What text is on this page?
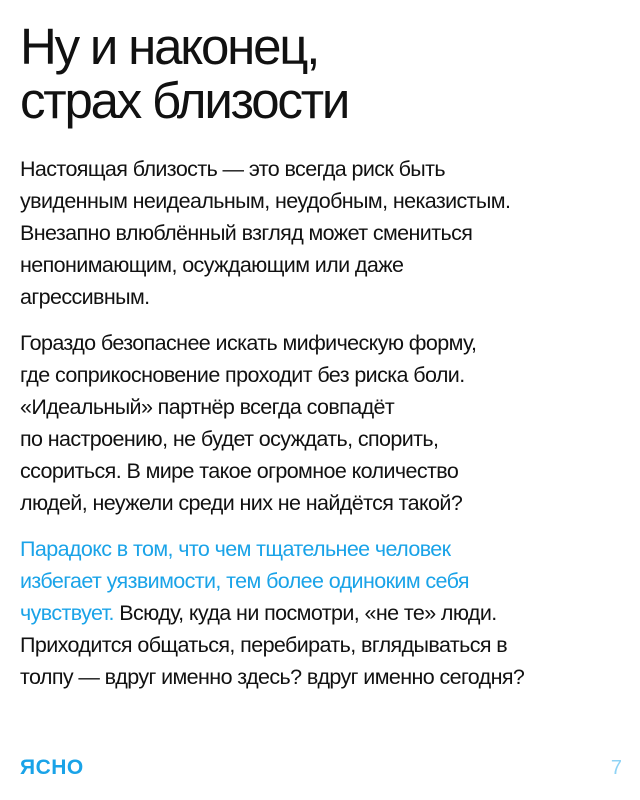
Ну и наконец,
страх близости

Настоящая близость — это всегда риск быть
увиденным неидеальным, неудобным, неказистым.
Внезапно влюблённый взгляд может смениться
непонимающим, осуждающим или даже
агрессивным.

Гораздо безопаснее искать мифическую форму,
где соприкосновение проходит без риска боли.
«Идеальный» партнёр всегда совпадёт
по настроению, не будет осуждать, спорить,
ссориться. В мире такое огромное количество
людей, неужели среди них не найдётся такой?

Парадокс в том, что чем тщательнее человек
избегает уязвимости, тем более одиноким себя
чувствует. Всюду, куда ни посмотри, «не те» люди.
Приходится общаться, перебирать, вглядываться в
толпу — вдруг именно здесь? вдруг именно сегодня?

ЯСНО	7
